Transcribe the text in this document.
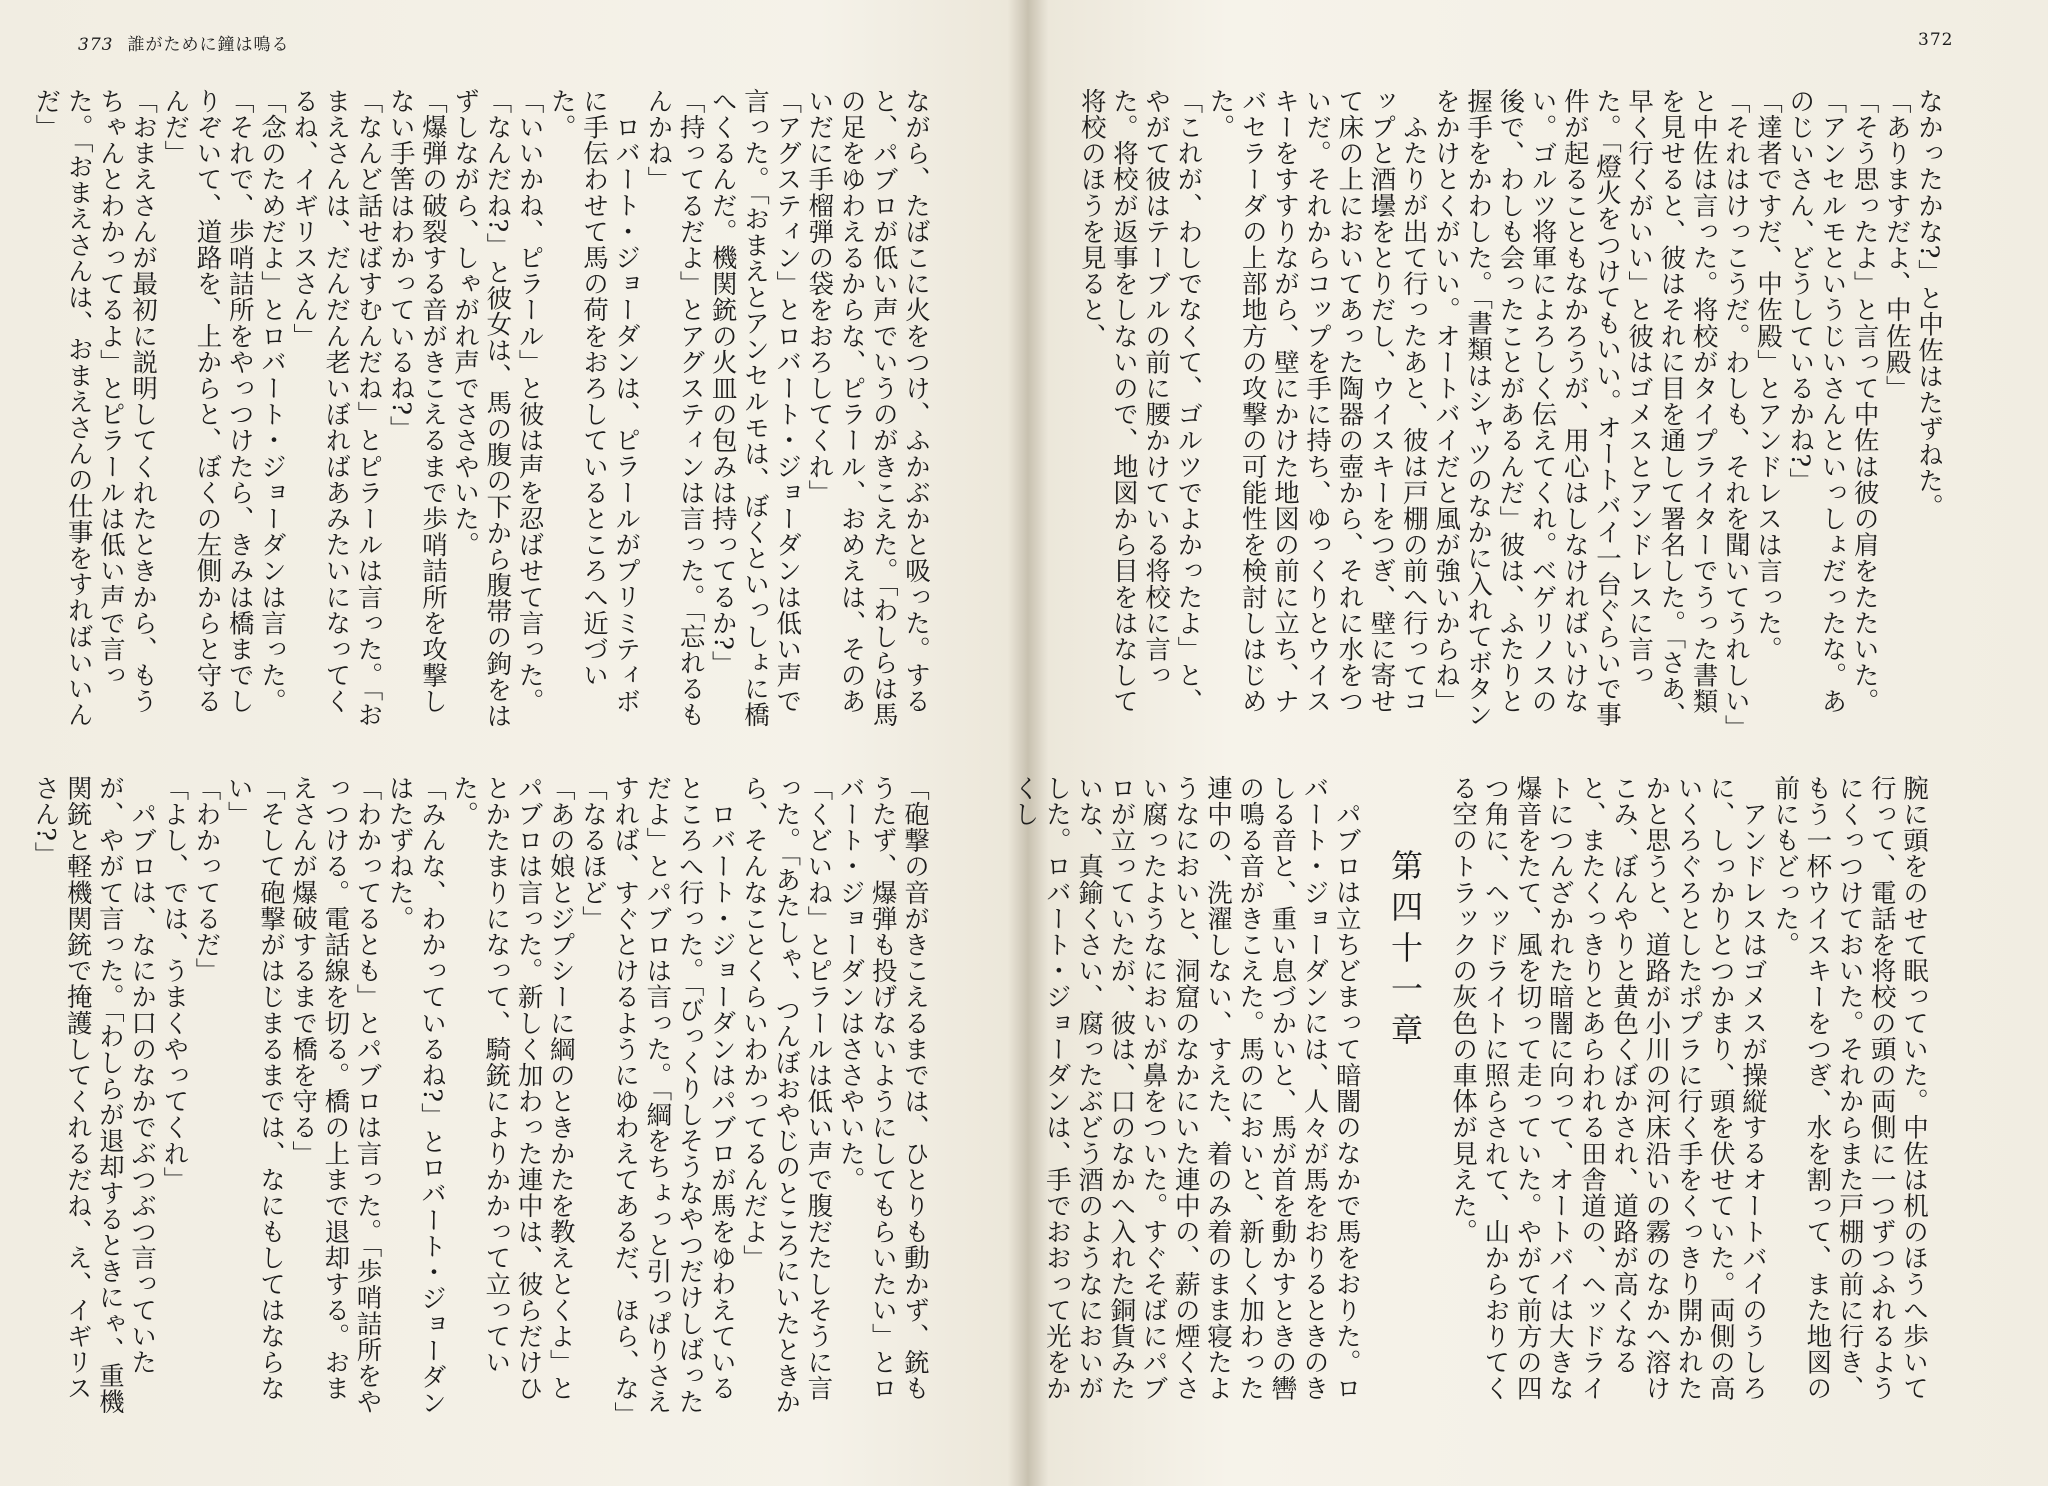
373 誰がために鐘は鳴る

ながら、たばこに火をつけ、ふかぶかと吸った。すると、パブロが低い声でいうのがきこえた。「わしらは馬の足をゆわえるからな、ピラール、おめえは、そのあいだに手榴弾の袋をおろしてくれ」

「アグスティン」とロバート・ジョーダンは低い声で言った。「おまえとアンセルモは、ぼくといっしょに橋へくるんだ。機関銃の火皿の包みは持ってるか?」

「持ってるだよ」とアグスティンは言った。「忘れるもんかね」

ロバート・ジョーダンは、ピラールがプリミティボに手伝わせて馬の荷をおろしているところへ近づいた。

「いいかね、ピラール」と彼は声を忍ばせて言った。

「なんだね?」と彼女は、馬の腹の下から腹帯の鉤をはずしながら、しゃがれ声でささやいた。

「爆弾の破裂する音がきこえるまで歩哨詰所を攻撃しない手筈はわかっているね?」

「なんど話せばすむんだね」とピラールは言った。「おまえさんは、だんだん老いぼればあみたいになってくるね、イギリスさん」

「念のためだよ」とロバート・ジョーダンは言った。「それで、歩哨詰所をやっつけたら、きみは橋までしりぞいて、道路を、上からと、ぼくの左側からと守るんだ」

「おまえさんが最初に説明してくれたときから、もうちゃんとわかってるよ」とピラールは低い声で言った。「おまえさんは、おまえさんの仕事をすればいいんだ」

「砲撃の音がきこえるまでは、ひとりも動かず、銃もうたず、爆弾も投げないようにしてもらいたい」とロバート・ジョーダンはささやいた。

「くどいね」とピラールは低い声で腹だたしそうに言った。「あたしゃ、つんぼおやじのところにいたときから、そんなことくらいわかってるんだよ」

ロバート・ジョーダンはパブロが馬をゆわえているところへ行った。「びっくりしそうなやつだけしばっただよ」とパブロは言った。「綱をちょっと引っぱりさえすれば、すぐとけるようにゆわえてあるだ、ほら、な」

「なるほど」

「あの娘とジプシーに綱のときかたを教えとくよ」とパブロは言った。新しく加わった連中は、彼らだけひとかたまりになって、騎銃によりかかって立っていた。

「みんな、わかっているね?」とロバート・ジョーダンはたずねた。

「わかってるとも」とパブロは言った。「歩哨詰所をやっつける。電話線を切る。橋の上まで退却する。おまえさんが爆破するまで橋を守る」

「そして砲撃がはじまるまでは、なにもしてはならない」

「わかってるだ」

「よし、では、うまくやってくれ」

パブロは、なにか口のなかでぶつぶつ言っていたが、やがて言った。「わしらが退却するときにゃ、重機関銃と軽機関銃で掩護してくれるだね、え、イギリスさん?」

372

なかったかな?」と中佐はたずねた。

「ありますだよ、中佐殿」

「そう思ったよ」と言って中佐は彼の肩をたたいた。「アンセルモというじいさんといっしょだったな。あのじいさん、どうしているかね?」

「達者ですだ、中佐殿」とアンドレスは言った。

「それはけっこうだ。わしも、それを聞いてうれしい」と中佐は言った。将校がタイプライターでうった書類を見せると、彼はそれに目を通して署名した。「さあ、早く行くがいい」と彼はゴメスとアンドレスに言った。「燈火をつけてもいい。オートバイ一台ぐらいで事件が起ることもなかろうが、用心はしなければいけない。ゴルツ将軍によろしく伝えてくれ。ベゲリノスの後で、わしも会ったことがあるんだ」彼は、ふたりと握手をかわした。「書類はシャツのなかに入れてボタンをかけとくがいい。オートバイだと風が強いからね」

ふたりが出て行ったあと、彼は戸棚の前へ行ってコップと酒壜をとりだし、ウイスキーをつぎ、壁に寄せて床の上においてあった陶器の壺から、それに水をついだ。それからコップを手に持ち、ゆっくりとウイスキーをすすりながら、壁にかけた地図の前に立ち、ナバセラーダの上部地方の攻撃の可能性を検討しはじめた。

「これが、わしでなくて、ゴルツでよかったよ」と、やがて彼はテーブルの前に腰かけている将校に言った。将校が返事をしないので、地図から目をはなして将校のほうを見ると、

腕に頭をのせて眠っていた。中佐は机のほうへ歩いて行って、電話を将校の頭の両側に一つずつふれるようにくっつけておいた。それからまた戸棚の前に行き、もう一杯ウイスキーをつぎ、水を割って、また地図の前にもどった。

アンドレスはゴメスが操縦するオートバイのうしろに、しっかりとつかまり、頭を伏せていた。両側の高いくろぐろとしたポプラに行く手をくっきり開かれたかと思うと、道路が小川の河床沿いの霧のなかへ溶けこみ、ぼんやりと黄色くぼかされ、道路が高くなると、またくっきりとあらわれる田舎道の、ヘッドライトにつんざかれた暗闇に向って、オートバイは大きな爆音をたて、風を切って走っていた。やがて前方の四つ角に、ヘッドライトに照らされて、山からおりてくる空のトラックの灰色の車体が見えた。

第四十一章

パブロは立ちどまって暗闇のなかで馬をおりた。ロバート・ジョーダンには、人々が馬をおりるときのきしる音と、重い息づかいと、馬が首を動かすときの轡の鳴る音がきこえた。馬のにおいと、新しく加わった連中の、洗濯しない、すえた、着のみ着のまま寝たようなにおいと、洞窟のなかにいた連中の、薪の煙くさい腐ったようなにおいが鼻をついた。すぐそばにパブロが立っていたが、彼は、口のなかへ入れた銅貨みたいな、真鍮くさい、腐ったぶどう酒のようなにおいがした。ロバート・ジョーダンは、手でおおって光をかくし
